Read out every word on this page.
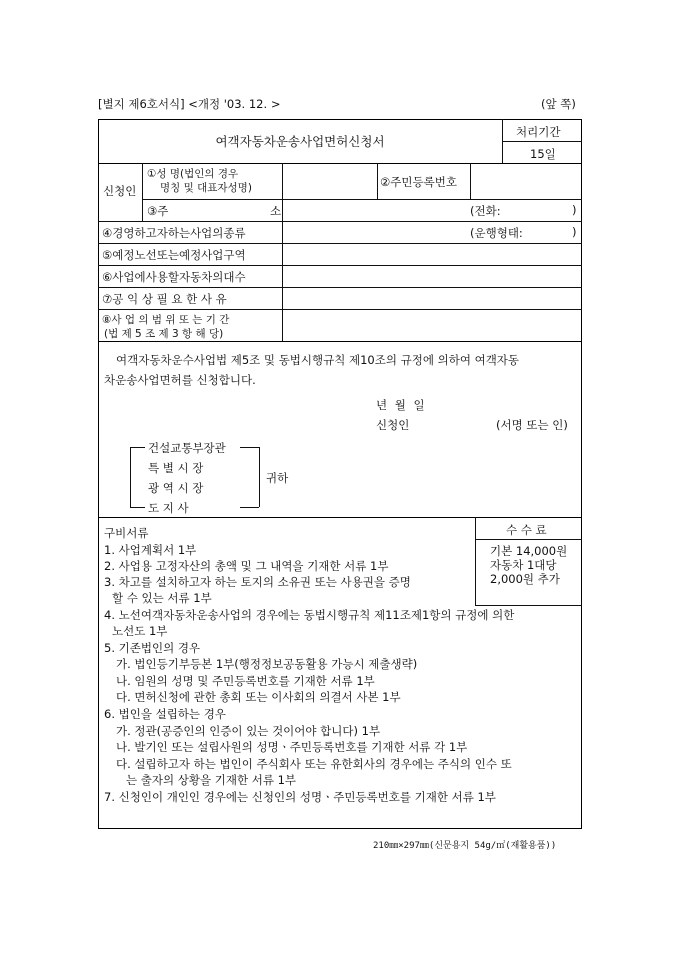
[별지 제6호서식] <개정 '03. 12. >	(앞 쪽)
여객자동차운송사업면허신청서
처리기간
15일
신청인
①성 명(법인의 경우
명칭 및 대표자성명)	②주민등록번호
③주	소	(전화:	)
④경영하고자하는사업의종류	(운행형태:	)
⑤예정노선또는예정사업구역
⑥사업에사용할자동차의대수
⑦공 익 상 필 요 한 사 유
⑧사 업 의 범 위 또 는 기 간
(법 제 5 조 제 3 항 해 당)
여객자동차운수사업법 제5조 및 동법시행규칙 제10조의 규정에 의하여 여객자동
차운송사업면허를 신청합니다.
년 월 일
신청인	(서명 또는 인)
건설교통부장관
특 별 시 장
광 역 시 장
도 지 사
귀하
수 수 료
기본 14,000원
자동차 1대당
2,000원 추가
구비서류
1. 사업계획서 1부
2. 사업용 고정자산의 총액 및 그 내역을 기재한 서류 1부
3. 차고를 설치하고자 하는 토지의 소유권 또는 사용권을 증명
할 수 있는 서류 1부
4. 노선여객자동차운송사업의 경우에는 동법시행규칙 제11조제1항의 규정에 의한
노선도 1부
5. 기존법인의 경우
가. 법인등기부등본 1부(행정정보공동활용 가능시 제출생략)
나. 임원의 성명 및 주민등록번호를 기재한 서류 1부
다. 면허신청에 관한 총회 또는 이사회의 의결서 사본 1부
6. 법인을 설립하는 경우
가. 정관(공증인의 인증이 있는 것이어야 합니다) 1부
나. 발기인 또는 설립사원의 성명ㆍ주민등록번호를 기재한 서류 각 1부
다. 설립하고자 하는 법인이 주식회사 또는 유한회사의 경우에는 주식의 인수 또
는 출자의 상황을 기재한 서류 1부
7. 신청인이 개인인 경우에는 신청인의 성명ㆍ주민등록번호를 기재한 서류 1부
210㎜×297㎜(신문용지 54g/㎡(재활용품))
